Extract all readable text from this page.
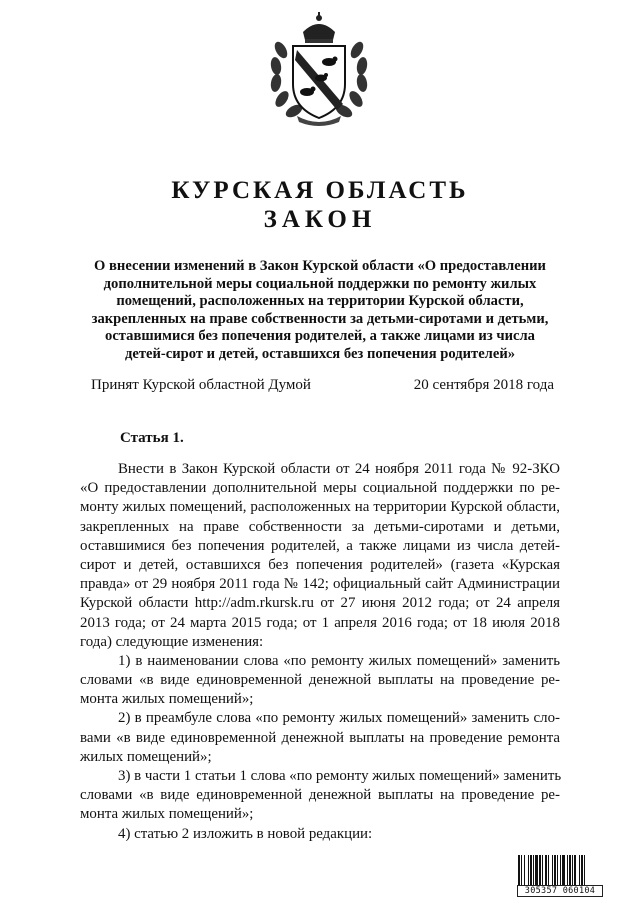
КУРСКАЯ ОБЛАСТЬ
ЗАКОН
О внесении изменений в Закон Курской области «О предоставлении
дополнительной меры социальной поддержки по ремонту жилых
помещений, расположенных на территории Курской области,
закрепленных на праве собственности за детьми-сиротами и детьми,
оставшимися без попечения родителей, а также лицами из числа
детей-сирот и детей, оставшихся без попечения родителей»
Принят Курской областной Думой	20 сентября 2018 года
Статья 1.
Внести в Закон Курской области от 24 ноября 2011 года № 92-ЗКО
«О предоставлении дополнительной меры социальной поддержки по ре-
монту жилых помещений, расположенных на территории Курской области,
закрепленных на праве собственности за детьми-сиротами и детьми,
оставшимися без попечения родителей, а также лицами из числа детей-
сирот и детей, оставшихся без попечения родителей» (газета «Курская
правда» от 29 ноября 2011 года № 142; официальный сайт Администрации
Курской области http://adm.rkursk.ru от 27 июня 2012 года; от 24 апреля
2013 года; от 24 марта 2015 года; от 1 апреля 2016 года; от 18 июля 2018
года) следующие изменения:
1) в наименовании слова «по ремонту жилых помещений» заменить
словами «в виде единовременной денежной выплаты на проведение ре-
монта жилых помещений»;
2) в преамбуле слова «по ремонту жилых помещений» заменить сло-
вами «в виде единовременной денежной выплаты на проведение ремонта
жилых помещений»;
3) в части 1 статьи 1 слова «по ремонту жилых помещений» заменить
словами «в виде единовременной денежной выплаты на проведение ре-
монта жилых помещений»;
4) статью 2 изложить в новой редакции:
305357 060104
